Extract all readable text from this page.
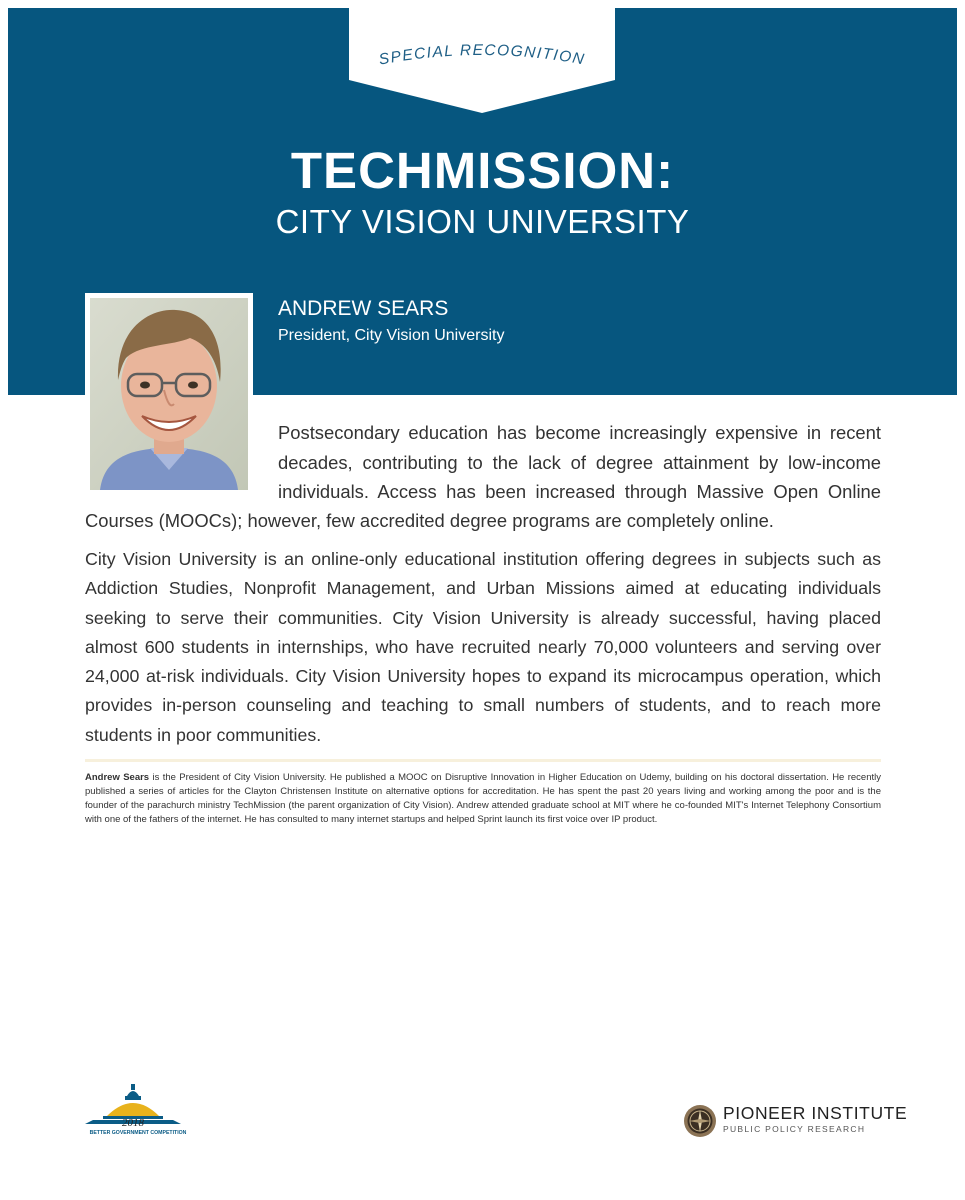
SPECIAL RECOGNITION
TECHMISSION:
CITY VISION UNIVERSITY
ANDREW SEARS
President, City Vision University
Postsecondary education has become increasingly expensive in recent
decades, contributing to the lack of degree attainment by low-income
individuals. Access has been increased through Massive Open Online
Courses (MOOCs); however, few accredited degree programs are completely online.
City Vision University is an online-only educational institution offering degrees in subjects such as Addiction Studies, Nonprofit Management, and Urban Missions aimed at educating individuals seeking to serve their communities. City Vision University is already successful, having placed almost 600 students in internships, who have recruited nearly 70,000 volunteers and serving over 24,000 at-risk individuals. City Vision University hopes to expand its microcampus operation, which provides in-person counseling and teaching to small numbers of students, and to reach more students in poor communities.
Andrew Sears is the President of City Vision University. He published a MOOC on Disruptive Innovation in Higher Education on Udemy, building on his doctoral dissertation. He recently published a series of articles for the Clayton Christensen Institute on alternative options for accreditation. He has spent the past 20 years living and working among the poor and is the founder of the parachurch ministry TechMission (the parent organization of City Vision). Andrew attended graduate school at MIT where he co-founded MIT's Internet Telephony Consortium with one of the fathers of the internet. He has consulted to many internet startups and helped Sprint launch its first voice over IP product.
2018
BETTER GOVERNMENT COMPETITION
PIONEER INSTITUTE
PUBLIC POLICY RESEARCH
